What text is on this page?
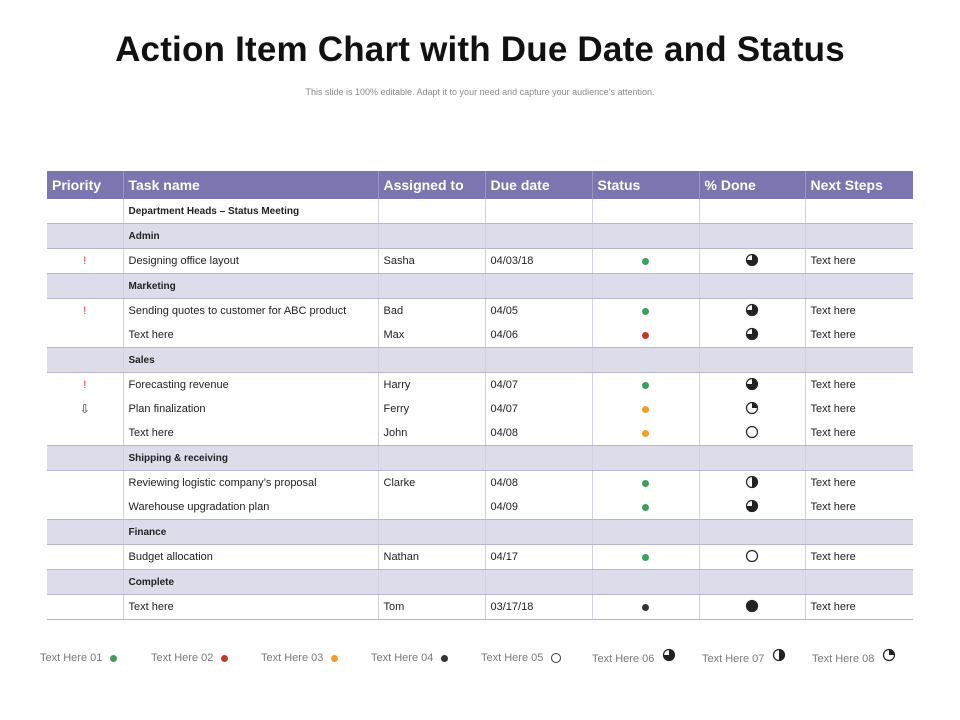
Action Item Chart with Due Date and Status
This slide is 100% editable. Adapt it to your need and capture your audience’s attention.
Priority	Task name	Assigned to	Due date	Status	% Done	Next Steps
	Department Heads – Status Meeting					
	Admin					
!	Designing office layout	Sasha	04/03/18			Text here
	Marketing					
!	Sending quotes to customer for ABC product	Bad	04/05			Text here
	Text here	Max	04/06			Text here
	Sales					
!	Forecasting revenue	Harry	04/07			Text here
⇩	Plan finalization	Ferry	04/07			Text here
	Text here	John	04/08			Text here
	Shipping & receiving					
	Reviewing logistic company’s proposal	Clarke	04/08			Text here
	Warehouse upgradation plan		04/09			Text here
	Finance					
	Budget allocation	Nathan	04/17			Text here
	Complete					
	Text here	Tom	03/17/18			Text here
Text Here 01	Text Here 02	Text Here 03	Text Here 04	Text Here 05	Text Here 06	Text Here 07	Text Here 08
